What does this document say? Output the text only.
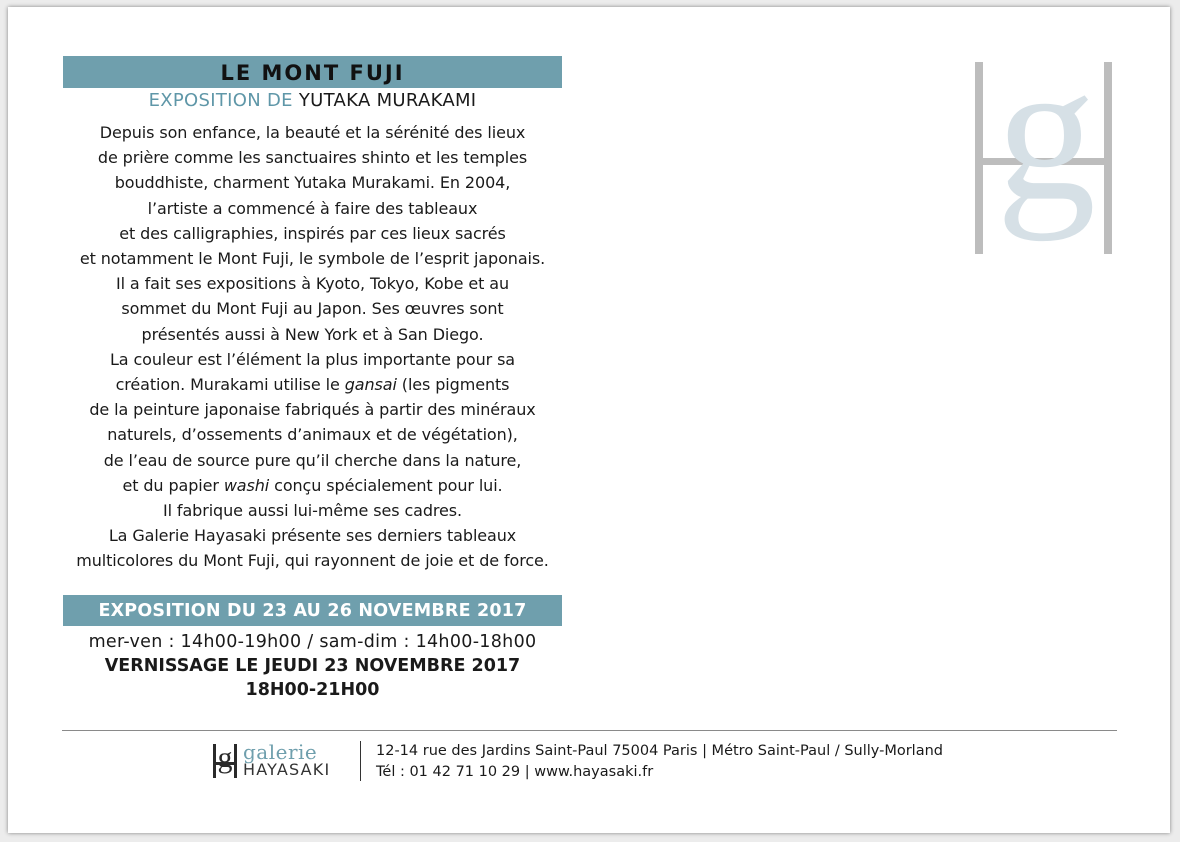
LE MONT FUJI
EXPOSITION DE YUTAKA MURAKAMI
Depuis son enfance, la beauté et la sérénité des lieux
de prière comme les sanctuaires shinto et les temples
bouddhiste, charment Yutaka Murakami. En 2004,
l’artiste a commencé à faire des tableaux
et des calligraphies, inspirés par ces lieux sacrés
et notamment le Mont Fuji, le symbole de l’esprit japonais.
Il a fait ses expositions à Kyoto, Tokyo, Kobe et au
sommet du Mont Fuji au Japon. Ses œuvres sont
présentés aussi à New York et à San Diego.
La couleur est l’élément la plus importante pour sa
création. Murakami utilise le gansai (les pigments
de la peinture japonaise fabriqués à partir des minéraux
naturels, d’ossements d’animaux et de végétation),
de l’eau de source pure qu’il cherche dans la nature,
et du papier washi conçu spécialement pour lui.
Il fabrique aussi lui-même ses cadres.
La Galerie Hayasaki présente ses derniers tableaux
multicolores du Mont Fuji, qui rayonnent de joie et de force.
EXPOSITION DU 23 AU 26 NOVEMBRE 2017
mer-ven : 14h00-19h00 / sam-dim : 14h00-18h00
VERNISSAGE LE JEUDI 23 NOVEMBRE 2017
18H00-21H00
g
g galerie
HAYASAKI
12-14 rue des Jardins Saint-Paul 75004 Paris | Métro Saint-Paul / Sully-Morland
Tél : 01 42 71 10 29 | www.hayasaki.fr
